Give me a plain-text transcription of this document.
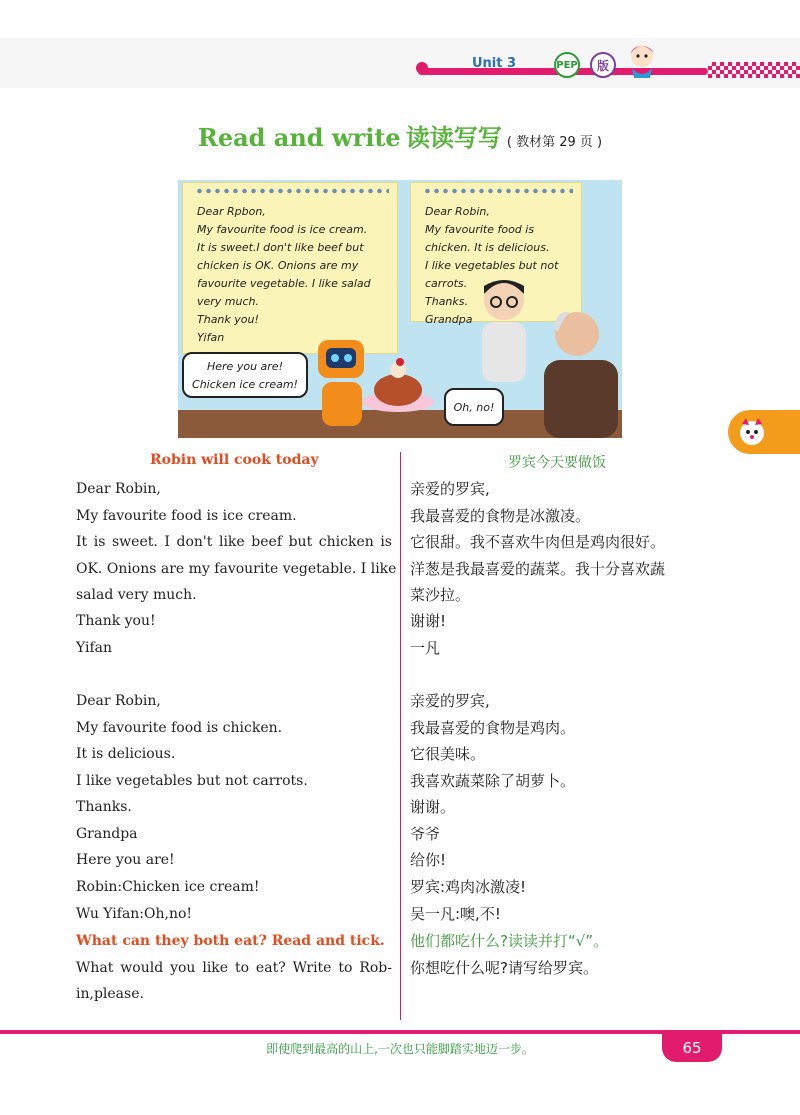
Unit 3	PEP	版
Read and write 读读写写 ( 教材第 29 页 )
Dear Rpbon,
My favourite food is ice cream.
It is sweet.I don't like beef but
chicken is OK. Onions are my
favourite vegetable. I like salad
very much.
Thank you!
Yifan
Dear Robin,
My favourite food is
chicken. It is delicious.
I like vegetables but not
carrots.
Thanks.
Grandpa
Here you are!
Chicken ice cream!
Oh, no!
Robin will cook today	罗宾今天要做饭
Dear Robin,
My favourite food is ice cream.
It is sweet. I don't like beef but chicken is
OK. Onions are my favourite vegetable. I like
salad very much.
Thank you!
Yifan
Dear Robin,
My favourite food is chicken.
It is delicious.
I like vegetables but not carrots.
Thanks.
Grandpa
Here you are!
Robin:Chicken ice cream!
Wu Yifan:Oh,no!
What can they both eat? Read and tick.
What would you like to eat? Write to Rob-
in,please.
亲爱的罗宾,
我最喜爱的食物是冰激凌。
它很甜。我不喜欢牛肉但是鸡肉很好。
洋葱是我最喜爱的蔬菜。我十分喜欢蔬
菜沙拉。
谢谢!
一凡
亲爱的罗宾,
我最喜爱的食物是鸡肉。
它很美味。
我喜欢蔬菜除了胡萝卜。
谢谢。
爷爷
给你!
罗宾:鸡肉冰激凌!
吴一凡:噢,不!
他们都吃什么?读读并打“√”。
你想吃什么呢?请写给罗宾。
即使爬到最高的山上,一次也只能脚踏实地迈一步。	65
